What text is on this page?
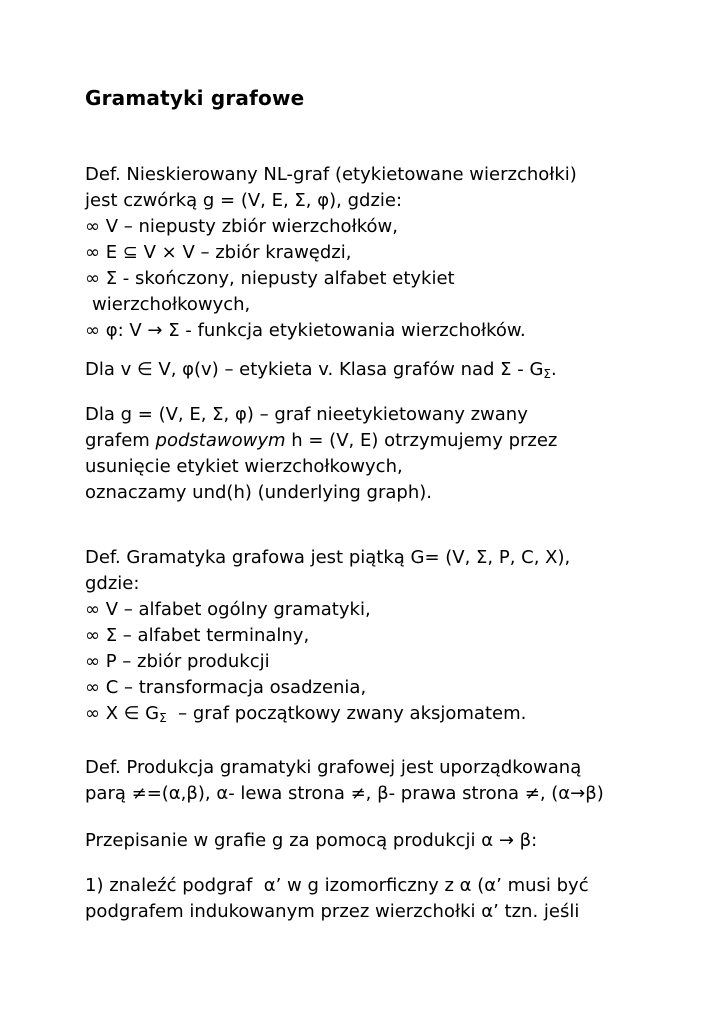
Gramatyki grafowe
Def. Nieskierowany NL-graf (etykietowane wierzchołki)
jest czwórką g = (V, E, Σ, φ), gdzie:
∞ V – niepusty zbiór wierzchołków,
∞ E ⊆ V × V – zbiór krawędzi,
∞ Σ - skończony, niepusty alfabet etykiet
wierzchołkowych,
∞ φ: V → Σ - funkcja etykietowania wierzchołków.
Dla v ∈ V, φ(v) – etykieta v. Klasa grafów nad Σ - $G_\Sigma$.
Dla g = (V, E, Σ, φ) – graf nieetykietowany zwany
grafem podstawowym h = (V, E) otrzymujemy przez
usunięcie etykiet wierzchołkowych,
oznaczamy und(h) (underlying graph).
Def. Gramatyka grafowa jest piątką G= (V, Σ, P, C, X),
gdzie:
∞ V – alfabet ogólny gramatyki,
∞ Σ – alfabet terminalny,
∞ P – zbiór produkcji
∞ C – transformacja osadzenia,
∞ X ∈ $G_\Sigma$  – graf początkowy zwany aksjomatem.
Def. Produkcja gramatyki grafowej jest uporządkowaną
parą ≠=(α,β), α- lewa strona ≠, β- prawa strona ≠, (α→β)
Przepisanie w grafie g za pomocą produkcji α → β:
1) znaleźć podgraf  α’ w g izomorficzny z α (α’ musi być
podgrafem indukowanym przez wierzchołki α’ tzn. jeśli
